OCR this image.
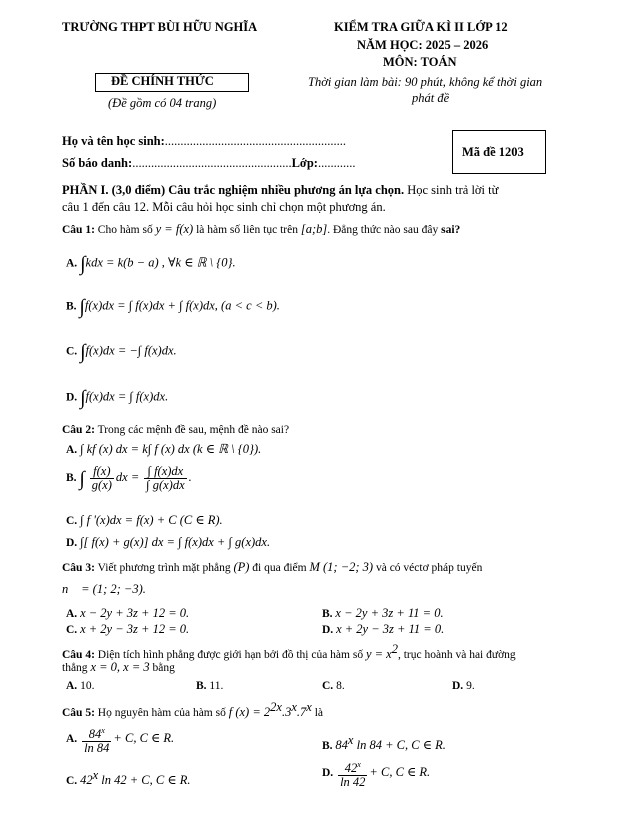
TRƯỜNG THPT BÙI HỮU NGHĨA
ĐỀ CHÍNH THỨC
(Đề gồm có 04 trang)
KIỂM TRA GIỮA KÌ II LỚP 12
NĂM HỌC: 2025 – 2026
MÔN: TOÁN
Thời gian làm bài: 90 phút, không kể thời gian
phát đề
Họ và tên học sinh:..........................................................
Số báo danh:...................................................Lớp:............
Mã đề 1203
PHẦN I. (3,0 điểm) Câu trắc nghiệm nhiều phương án lựa chọn. Học sinh trả lời từ
câu 1 đến câu 12. Mỗi câu hỏi học sinh chỉ chọn một phương án.
Câu 1: Cho hàm số y = f(x) là hàm số liên tục trên [a;b]. Đẳng thức nào sau đây sai?
A. ∫kdx = k(b − a) , ∀k ∈ ℝ \ {0}.
B. ∫f(x)dx = ∫ f(x)dx + ∫ f(x)dx, (a < c < b).
C. ∫f(x)dx = −∫ f(x)dx.
D. ∫f(x)dx = ∫ f(x)dx.
Câu 2: Trong các mệnh đề sau, mệnh đề nào sai?
A. ∫ kf (x) dx = k∫ f (x) dx (k ∈ ℝ \ {0}).
B. ∫ $\frac{f(x)}{g(x)}$ dx = $\frac{\int f(x)dx}{\int g(x)dx}$ .
C. ∫ f '(x)dx = f(x) + C (C ∈ R).
D. ∫[ f(x) + g(x)] dx = ∫ f(x)dx + ∫ g(x)dx.
Câu 3: Viết phương trình mặt phẳng (P) đi qua điểm M (1; −2; 3) và có véctơ pháp tuyến
n⃗ = (1; 2; −3).
A. x − 2y + 3z + 12 = 0.	B. x − 2y + 3z + 11 = 0.
C. x + 2y − 3z + 12 = 0.	D. x + 2y − 3z + 11 = 0.
Câu 4: Diện tích hình phẳng được giới hạn bởi đồ thị của hàm số $y = x^2$, trục hoành và hai đường
thẳng x = 0, x = 3 bằng
A. 10.	B. 11.	C. 8.	D. 9.
Câu 5: Họ nguyên hàm của hàm số f $(x) = 2^{2x}.3^x.7^x$ là
A. $\frac{84^x}{\ln 84} + C$, C ∈ R.
B. 84$^x$ ln 84 + C, C ∈ R.
C. 42$^x$ ln 42 + C, C ∈ R.	D. $\frac{42^x}{\ln 42} + C$, C ∈ R.
